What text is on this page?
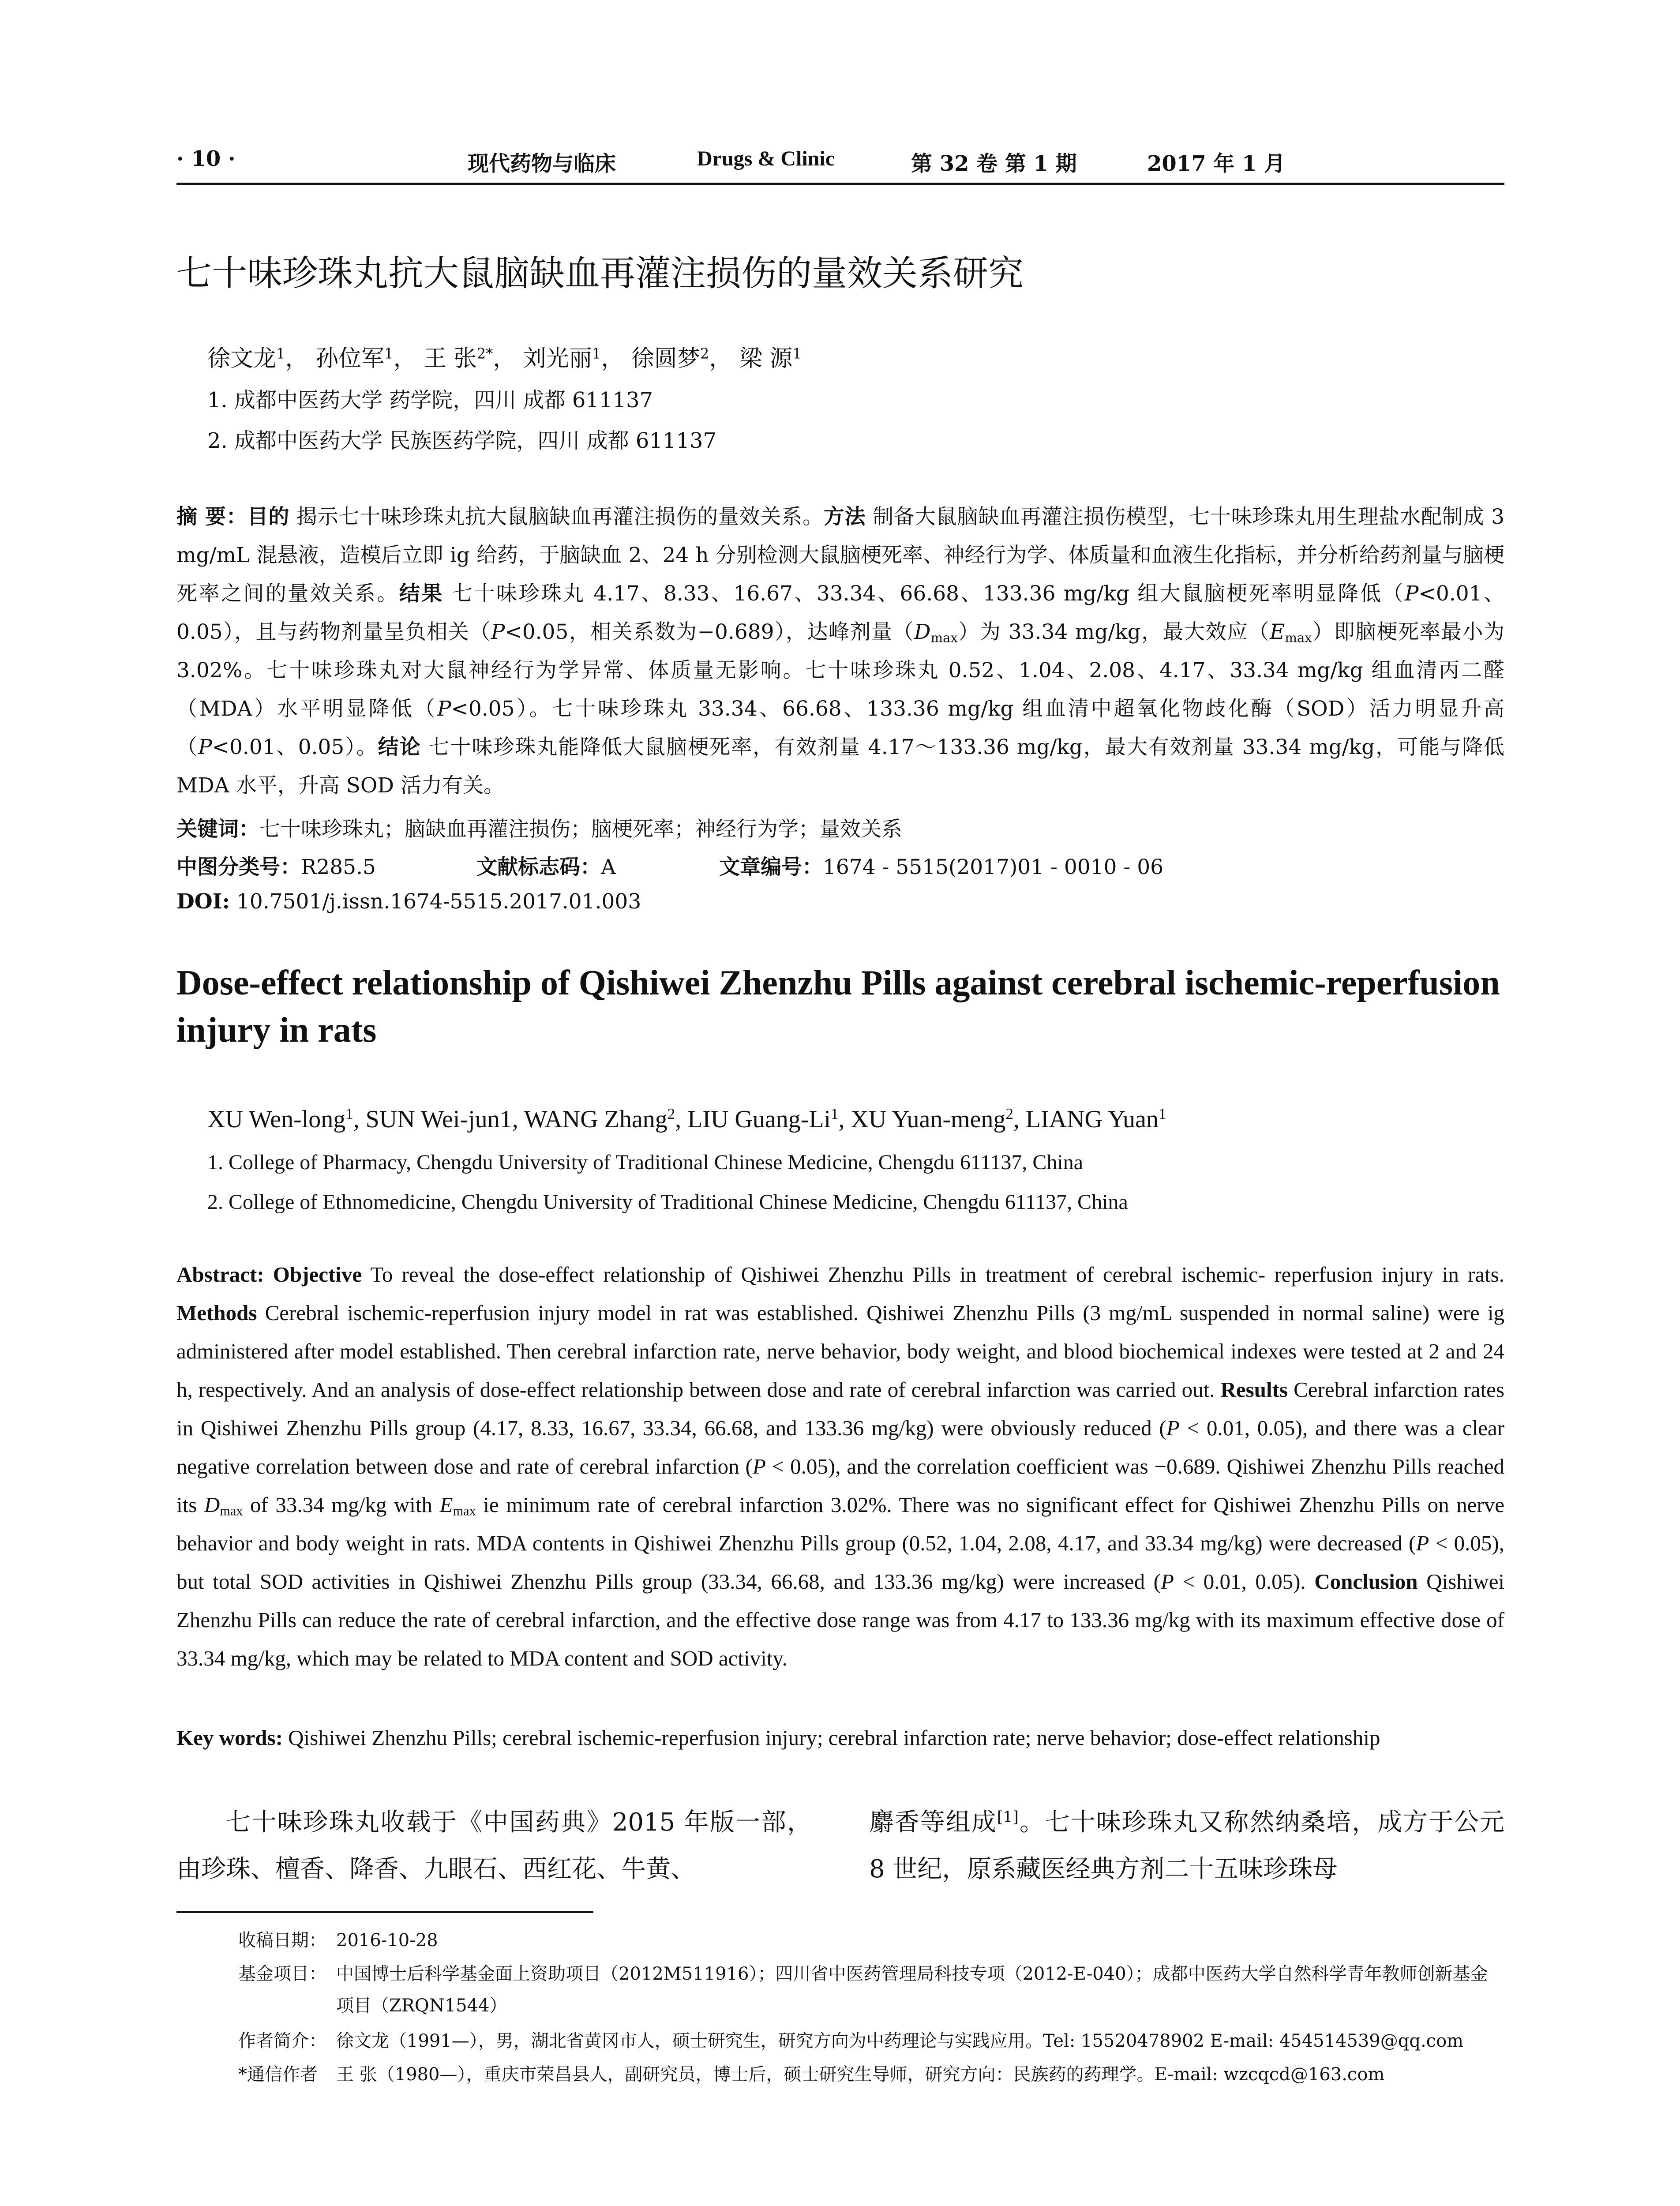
· 10 ·	现代药物与临床	Drugs & Clinic	第 32 卷 第 1 期	2017 年 1 月
七十味珍珠丸抗大鼠脑缺血再灌注损伤的量效关系研究
徐文龙$^1$， 孙位军$^1$， 王 张$^{2*}$， 刘光丽$^1$， 徐圆梦$^2$， 梁 源$^1$
1. 成都中医药大学 药学院，四川 成都 611137
2. 成都中医药大学 民族医药学院，四川 成都 611137
摘 要：目的 揭示七十味珍珠丸抗大鼠脑缺血再灌注损伤的量效关系。方法 制备大鼠脑缺血再灌注损伤模型，七十味珍珠丸用生理盐水配制成 3 mg/mL 混悬液，造模后立即 ig 给药，于脑缺血 2、24 h 分别检测大鼠脑梗死率、神经行为学、体质量和血液生化指标，并分析给药剂量与脑梗死率之间的量效关系。结果 七十味珍珠丸 4.17、8.33、16.67、33.34、66.68、133.36 mg/kg 组大鼠脑梗死率明显降低（P<0.01、0.05），且与药物剂量呈负相关（P<0.05，相关系数为−0.689），达峰剂量$(D_{max})$为 33.34 mg/kg，最大效应$(E_{max})$即脑梗死率最小为 3.02%。七十味珍珠丸对大鼠神经行为学异常、体质量无影响。七十味珍珠丸 0.52、1.04、2.08、4.17、33.34 mg/kg 组血清丙二醛（MDA）水平明显降低（P<0.05）。七十味珍珠丸 33.34、66.68、133.36 mg/kg 组血清中超氧化物歧化酶（SOD）活力明显升高（P<0.01、0.05）。结论 七十味珍珠丸能降低大鼠脑梗死率，有效剂量 4.17～133.36 mg/kg，最大有效剂量 33.34 mg/kg，可能与降低 MDA 水平，升高 SOD 活力有关。
关键词：七十味珍珠丸；脑缺血再灌注损伤；脑梗死率；神经行为学；量效关系
中图分类号：R285.5	文献标志码：A	文章编号：1674 - 5515(2017)01 - 0010 - 06
DOI: 10.7501/j.issn.1674-5515.2017.01.003
Dose-effect relationship of Qishiwei Zhenzhu Pills against cerebral ischemic-reperfusion injury in rats
XU Wen-long$^1$, SUN Wei-jun1, WANG Zhang$^2$, LIU Guang-Li$^1$, XU Yuan-meng$^2$, LIANG Yuan$^1$
1. College of Pharmacy, Chengdu University of Traditional Chinese Medicine, Chengdu 611137, China
2. College of Ethnomedicine, Chengdu University of Traditional Chinese Medicine, Chengdu 611137, China
Abstract: Objective To reveal the dose-effect relationship of Qishiwei Zhenzhu Pills in treatment of cerebral ischemic- reperfusion injury in rats. Methods Cerebral ischemic-reperfusion injury model in rat was established. Qishiwei Zhenzhu Pills (3 mg/mL suspended in normal saline) were ig administered after model established. Then cerebral infarction rate, nerve behavior, body weight, and blood biochemical indexes were tested at 2 and 24 h, respectively. And an analysis of dose-effect relationship between dose and rate of cerebral infarction was carried out. Results Cerebral infarction rates in Qishiwei Zhenzhu Pills group (4.17, 8.33, 16.67, 33.34, 66.68, and 133.36 mg/kg) were obviously reduced (P < 0.01, 0.05), and there was a clear negative correlation between dose and rate of cerebral infarction (P < 0.05), and the correlation coefficient was −0.689. Qishiwei Zhenzhu Pills reached its $D_{max}$ of 33.34 mg/kg with $E_{max}$ ie minimum rate of cerebral infarction 3.02%. There was no significant effect for Qishiwei Zhenzhu Pills on nerve behavior and body weight in rats. MDA contents in Qishiwei Zhenzhu Pills group (0.52, 1.04, 2.08, 4.17, and 33.34 mg/kg) were decreased (P < 0.05), but total SOD activities in Qishiwei Zhenzhu Pills group (33.34, 66.68, and 133.36 mg/kg) were increased (P < 0.01, 0.05). Conclusion Qishiwei Zhenzhu Pills can reduce the rate of cerebral infarction, and the effective dose range was from 4.17 to 133.36 mg/kg with its maximum effective dose of 33.34 mg/kg, which may be related to MDA content and SOD activity.
Key words: Qishiwei Zhenzhu Pills; cerebral ischemic-reperfusion injury; cerebral infarction rate; nerve behavior; dose-effect relationship
七十味珍珠丸收载于《中国药典》2015 年版一部，由珍珠、檀香、降香、九眼石、西红花、牛黄、
麝香等组成[1]。七十味珍珠丸又称然纳桑培，成方于公元 8 世纪，原系藏医经典方剂二十五味珍珠母
收稿日期： 2016-10-28
基金项目： 中国博士后科学基金面上资助项目（2012M511916）；四川省中医药管理局科技专项（2012-E-040）；成都中医药大学自然科学青年教师创新基金项目（ZRQN1544）
作者简介： 徐文龙（1991—），男，湖北省黄冈市人，硕士研究生，研究方向为中药理论与实践应用。Tel: 15520478902 E-mail: 454514539@qq.com
*通信作者 王 张（1980—），重庆市荣昌县人，副研究员，博士后，硕士研究生导师，研究方向：民族药的药理学。E-mail: wzcqcd@163.com
